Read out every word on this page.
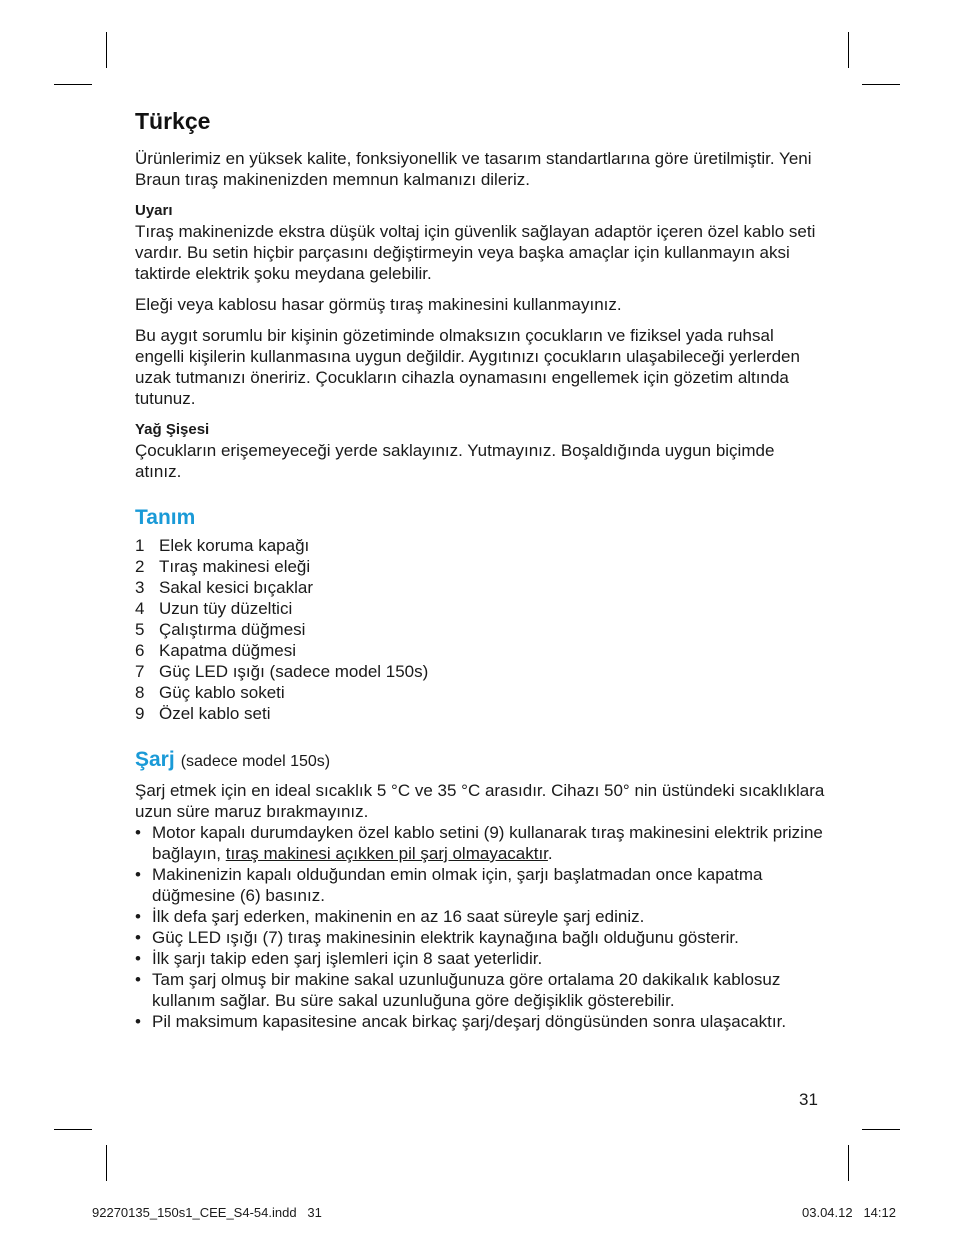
Türkçe

Ürünlerimiz en yüksek kalite, fonksiyonellik ve tasarım standartlarına göre üretilmiştir. Yeni Braun tıraş makinenizden memnun kalmanızı dileriz.

Uyarı

Tıraş makinenizde ekstra düşük voltaj için güvenlik sağlayan adaptör içeren özel kablo seti vardır. Bu setin hiçbir parçasını değiştirmeyin veya başka amaçlar için kullanmayın aksi taktirde elektrik şoku meydana gelebilir.

Eleği veya kablosu hasar görmüş tıraş makinesini kullanmayınız.

Bu aygıt sorumlu bir kişinin gözetiminde olmaksızın çocukların ve fiziksel yada ruhsal engelli kişilerin kullanmasına uygun değildir. Aygıtınızı çocukların ulaşabileceği yerlerden uzak tutmanızı öneririz. Çocukların cihazla oynamasını engellemek için gözetim altında tutunuz.

Yağ Şişesi

Çocukların erişemeyeceği yerde saklayınız. Yutmayınız. Boşaldığında uygun biçimde atınız.

Tanım
1 Elek koruma kapağı
2 Tıraş makinesi eleği
3 Sakal kesici bıçaklar
4 Uzun tüy düzeltici
5 Çalıştırma düğmesi
6 Kapatma düğmesi
7 Güç LED ışığı (sadece model 150s)
8 Güç kablo soketi
9 Özel kablo seti
Şarj (sadece model 150s)

Şarj etmek için en ideal sıcaklık 5 °C ve 35 °C arasıdır. Cihazı 50° nin üstündeki sıcaklıklara uzun süre maruz bırakmayınız.

• Motor kapalı durumdayken özel kablo setini (9) kullanarak tıraş makinesini elektrik prizine bağlayın, tıraş makinesi açıkken pil şarj olmayacaktır.
• Makinenizin kapalı olduğundan emin olmak için, şarjı başlatmadan once kapatma düğmesine (6) basınız.
• İlk defa şarj ederken, makinenin en az 16 saat süreyle şarj ediniz.
• Güç LED ışığı (7) tıraş makinesinin elektrik kaynağına bağlı olduğunu gösterir.
• İlk şarjı takip eden şarj işlemleri için 8 saat yeterlidir.
• Tam şarj olmuş bir makine sakal uzunluğunuza göre ortalama 20 dakikalık kablosuz kullanım sağlar. Bu süre sakal uzunluğuna göre değişiklik gösterebilir.
• Pil maksimum kapasitesine ancak birkaç şarj/deşarj döngüsünden sonra ulaşacaktır.
31
92270135_150s1_CEE_S4-54.indd   31	03.04.12   14:12
